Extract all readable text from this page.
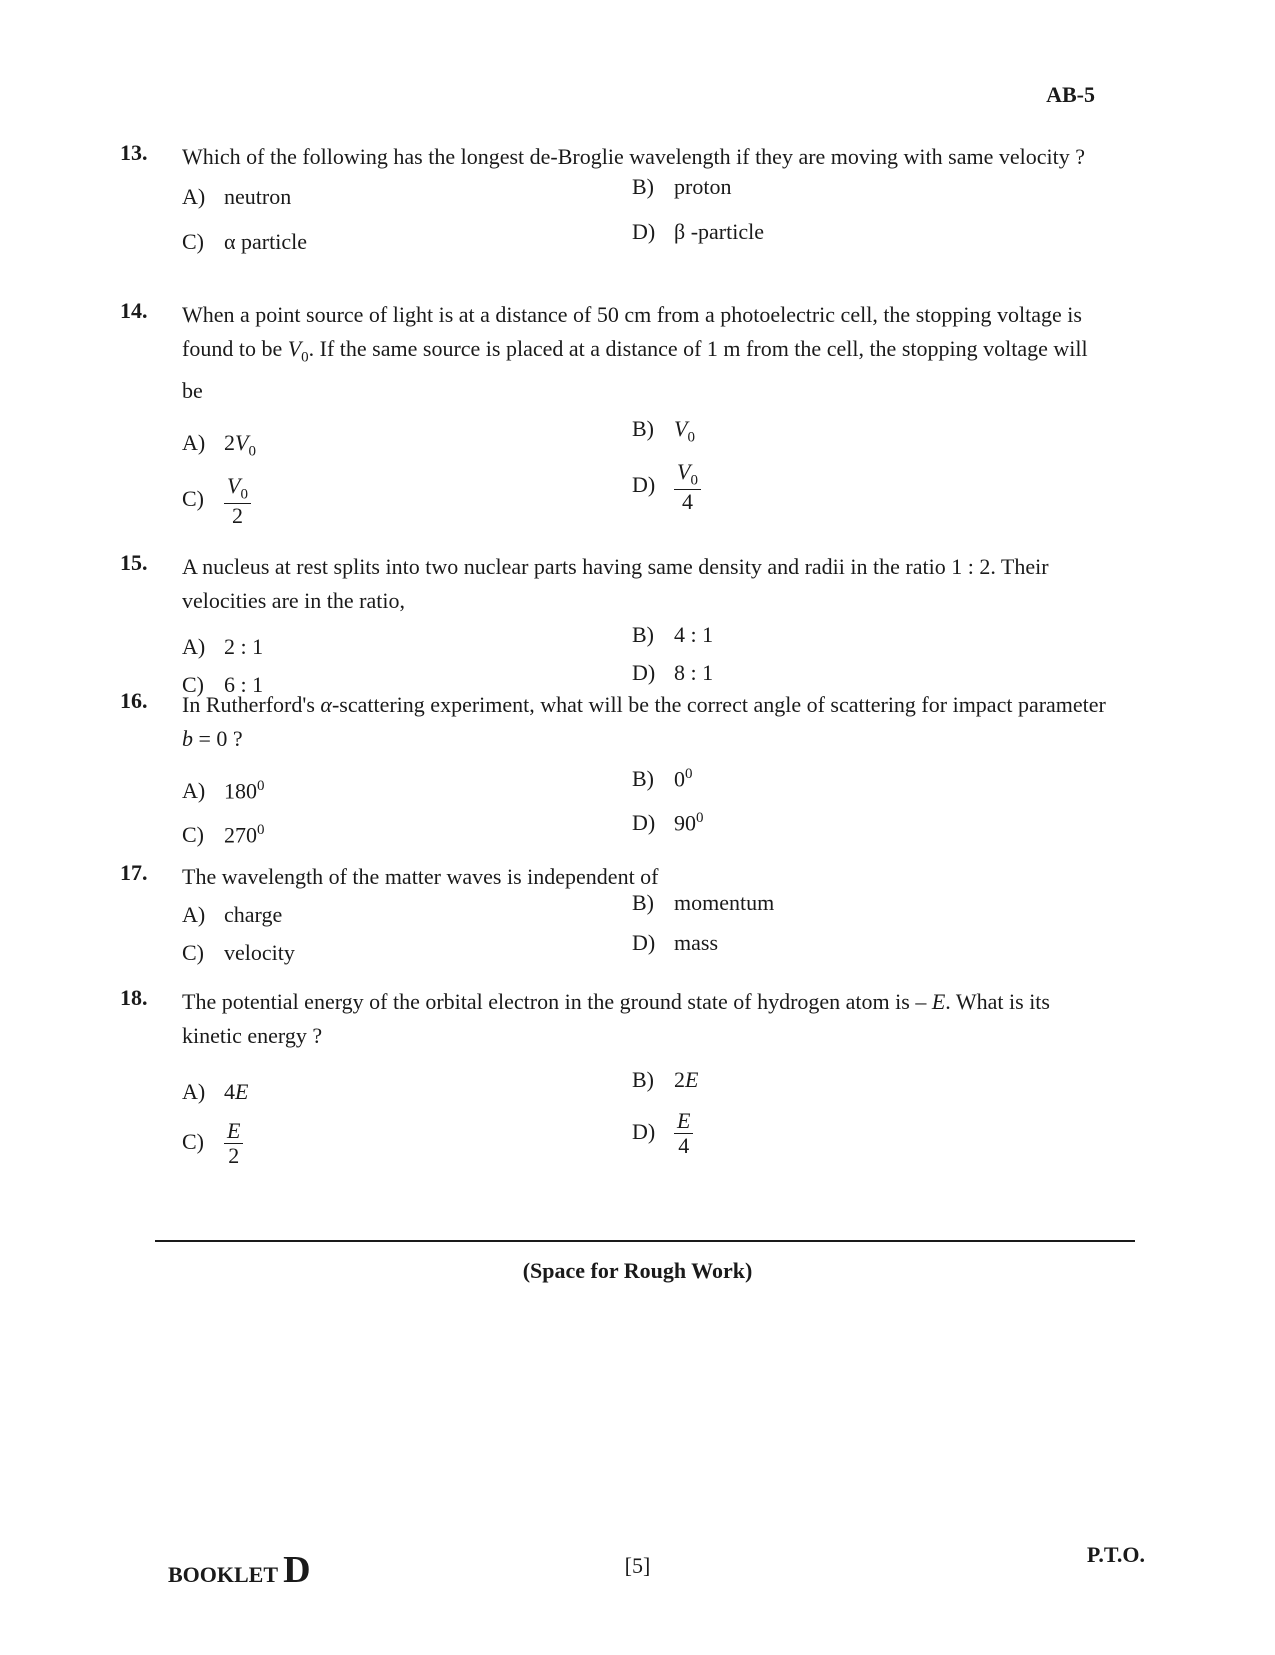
AB-5
13. Which of the following has the longest de-Broglie wavelength if they are moving with same velocity ?
A) neutron	B) proton
C) α particle	D) β -particle
14. When a point source of light is at a distance of 50 cm from a photoelectric cell, the stopping voltage is found to be $V_0$. If the same source is placed at a distance of 1 m from the cell, the stopping voltage will be
A) $2V_0$
B) $V_0$
$C) \frac{V_0}{2}$	$D) \frac{V_0}{4}$
15. A nucleus at rest splits into two nuclear parts having same density and radii in the ratio 1 : 2. Their velocities are in the ratio,
A) 2 : 1	B) 4 : 1
C) 6 : 1	D) 8 : 1
16. In Rutherford's α-scattering experiment, what will be the correct angle of scattering for impact parameter b = 0 ?
A) $180^0$	B) $0^0$
C) $270^0$	D) $90^0$
17. The wavelength of the matter waves is independent of
A) charge	B) momentum
C) velocity	D) mass
18. The potential energy of the orbital electron in the ground state of hydrogen atom is – E. What is its kinetic energy ?
A) 4E	B) 2E
$C) \frac{E}{2}$	$D) \frac{E}{4}$
(Space for Rough Work)
BOOKLET D	[5]	P.T.O.
